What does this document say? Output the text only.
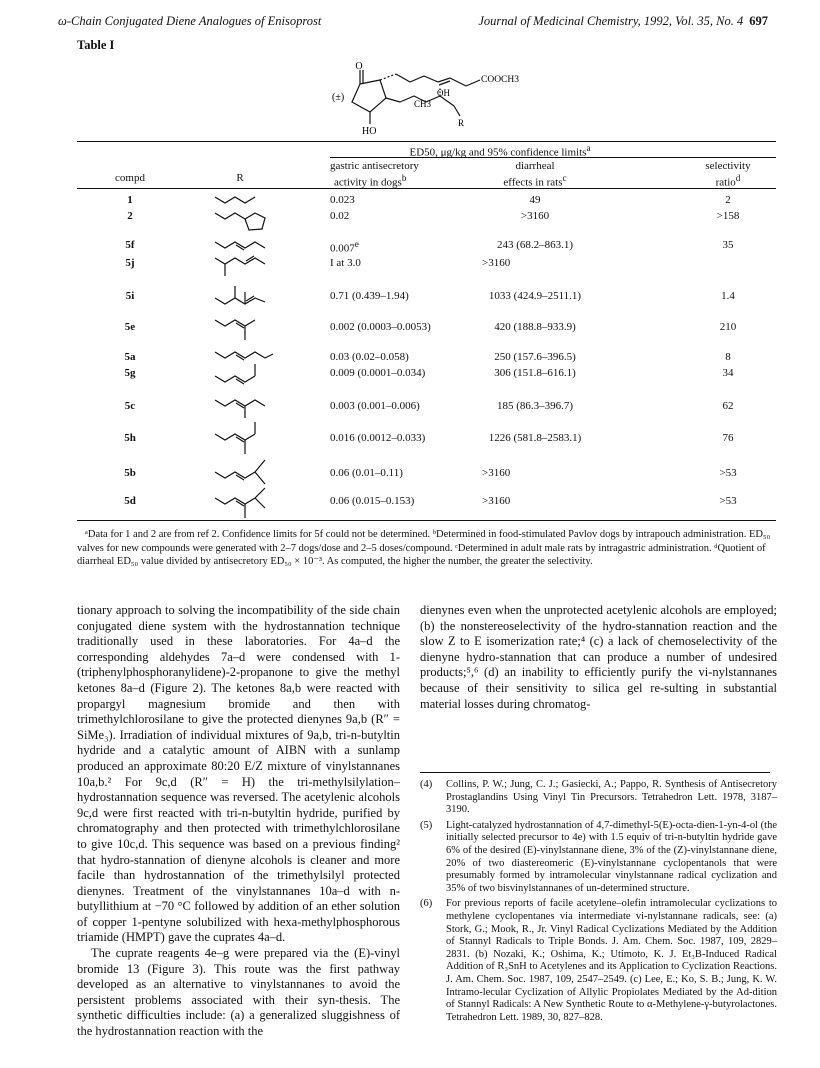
ω-Chain Conjugated Diene Analogues of Enisoprost	Journal of Medicinal Chemistry, 1992, Vol. 35, No. 4 697
Table I
O
(±)
COOCH3
CH3
OH
R
HO
ED50, μg/kg and 95% confidence limits$^a$
gastric antisecretory
activity in dogs$^b$
diarrheal
effects in rats$^c$
selectivity
ratio$^d$
compd	R
1	0.023	49	2
2	0.02	>3160	>158
5f	0.007e	243 (68.2–863.1)	35
5j	I at 3.0	>3160
5i	0.71 (0.439–1.94)	1033 (424.9–2511.1)	1.4
5e	0.002 (0.0003–0.0053)	420 (188.8–933.9)	210
5a	0.03 (0.02–0.058)	250 (157.6–396.5)	8
5g	0.009 (0.0001–0.034)	306 (151.8–616.1)	34
5c	0.003 (0.001–0.006)	185 (86.3–396.7)	62
5h	0.016 (0.0012–0.033)	1226 (581.8–2583.1)	76
5b	0.06 (0.01–0.11)	>3160	>53
5d	0.06 (0.015–0.153)	>3160	>53
ᵃData for 1 and 2 are from ref 2. Confidence limits for 5f could not be determined. ᵇDetermined in food-stimulated Pavlov dogs by intrapouch administration. ED₅₀ valves for new compounds were generated with 2–7 dogs/dose and 2–5 doses/compound. ᶜDetermined in adult male rats by intragastric administration. ᵈQuotient of diarrheal ED₅₀ value divided by antisecretory ED₅₀ × 10⁻³. As computed, the higher the number, the greater the selectivity.

tionary approach to solving the incompatibility of the side chain conjugated diene system with the hydrostannation technique traditionally used in these laboratories. For 4a–d the corresponding aldehydes 7a–d were condensed with 1-(triphenylphosphoranylidene)-2-propanone to give the methyl ketones 8a–d (Figure 2). The ketones 8a,b were reacted with propargyl magnesium bromide and then with trimethylchlorosilane to give the protected dienynes 9a,b (R″ = SiMe₃). Irradiation of individual mixtures of 9a,b, tri-n-butyltin hydride and a catalytic amount of AIBN with a sunlamp produced an approximate 80:20 E/Z mixture of vinylstannanes 10a,b.² For 9c,d (R″ = H) the tri-methylsilylation–hydrostannation sequence was reversed. The acetylenic alcohols 9c,d were first reacted with tri-n-butyltin hydride, purified by chromatography and then protected with trimethylchlorosilane to give 10c,d. This sequence was based on a previous finding² that hydro-stannation of dienyne alcohols is cleaner and more facile than hydrostannation of the trimethylsilyl protected dienynes. Treatment of the vinylstannanes 10a–d with n-butyllithium at −70 °C followed by addition of an ether solution of copper 1-pentyne solubilized with hexa-methylphosphorous triamide (HMPT) gave the cuprates 4a–d.

The cuprate reagents 4e–g were prepared via the (E)-vinyl bromide 13 (Figure 3). This route was the first pathway developed as an alternative to vinylstannanes to avoid the persistent problems associated with their syn-thesis. The synthetic difficulties include: (a) a generalized sluggishness of the hydrostannation reaction with the

dienynes even when the unprotected acetylenic alcohols are employed; (b) the nonstereoselectivity of the hydro-stannation reaction and the slow Z to E isomerization rate;⁴ (c) a lack of chemoselectivity of the dienyne hydro-stannation that can produce a number of undesired products;⁵,⁶ (d) an inability to efficiently purify the vi-nylstannanes because of their sensitivity to silica gel re-sulting in substantial material losses during chromatog-

(4) Collins, P. W.; Jung, C. J.; Gasiecki, A.; Pappo, R. Synthesis of Antisecretory Prostaglandins Using Vinyl Tin Precursors. Tetrahedron Lett. 1978, 3187–3190.
(5) Light-catalyzed hydrostannation of 4,7-dimethyl-5(E)-octa-dien-1-yn-4-ol (the initially selected precursor to 4e) with 1.5 equiv of tri-n-butyltin hydride gave 6% of the desired (E)-vinylstannane diene, 3% of the (Z)-vinylstannane diene, 20% of two diastereomeric (E)-vinylstannane cyclopentanols that were presumably formed by intramolecular vinylstannane radical cyclization and 35% of two bisvinylstannanes of un-determined structure.
(6) For previous reports of facile acetylene–olefin intramolecular cyclizations to methylene cyclopentanes via intermediate vi-nylstannane radicals, see: (a) Stork, G.; Mook, R., Jr. Vinyl Radical Cyclizations Mediated by the Addition of Stannyl Radicals to Triple Bonds. J. Am. Chem. Soc. 1987, 109, 2829–2831. (b) Nozaki, K.; Oshima, K.; Utimoto, K. J. Et₃B-Induced Radical Addition of R₃SnH to Acetylenes and its Application to Cyclization Reactions. J. Am. Chem. Soc. 1987, 109, 2547–2549. (c) Lee, E.; Ko, S. B.; Jung, K. W. Intramo-lecular Cyclization of Allylic Propiolates Mediated by the Ad-dition of Stannyl Radicals: A New Synthetic Route to α-Methylene-γ-butyrolactones. Tetrahedron Lett. 1989, 30, 827–828.
